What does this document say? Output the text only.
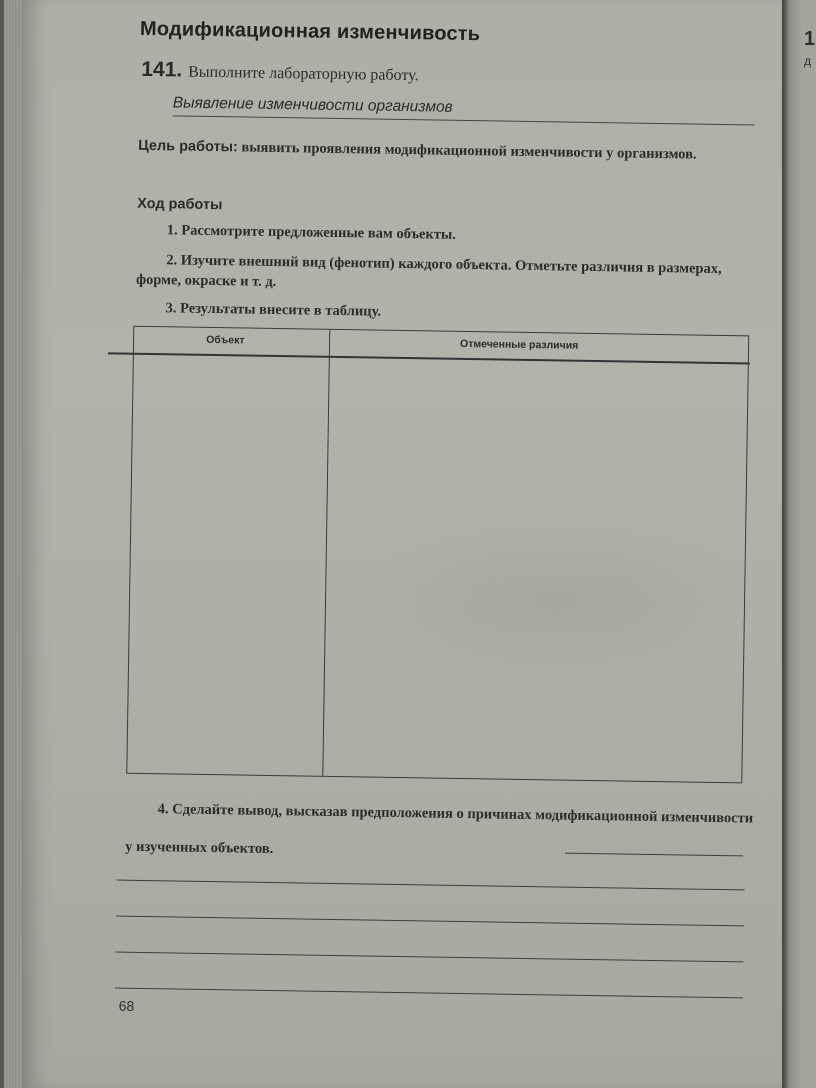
Модификационная изменчивость
141. Выполните лабораторную работу.
Выявление изменчивости организмов
Цель работы: выявить проявления модификационной изменчивости у организмов.
Ход работы
1. Рассмотрите предложенные вам объекты.
2. Изучите внешний вид (фенотип) каждого объекта. Отметьте различия в размерах, форме, окраске и т. д.
3. Результаты внесите в таблицу.
Объект	Отмеченные различия
4. Сделайте вывод, высказав предположения о причинах модификационной изменчивости у изученных объектов.
68
1
д
